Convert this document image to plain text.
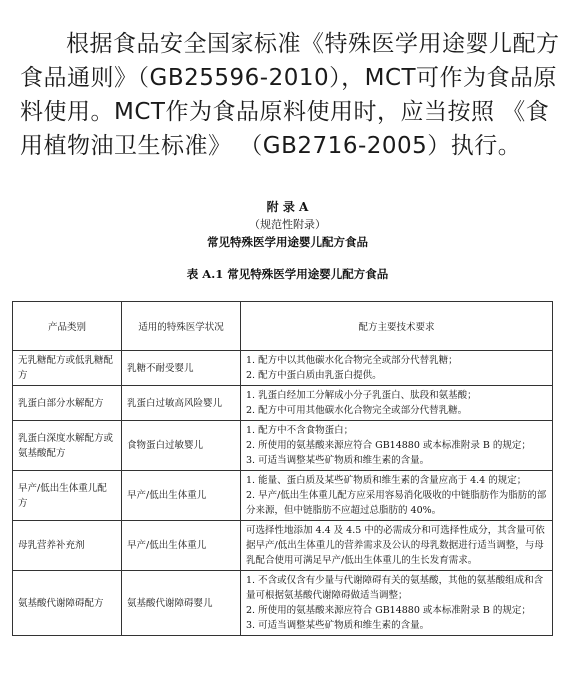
根据食品安全国家标准《特殊医学用途婴儿配方食品通则》（GB25596-2010），MCT可作为食品原料使用。MCT作为食品原料使用时，应当按照 《食用植物油卫生标准》 （GB2716-2005）执行。

附 录 A
（规范性附录）
常见特殊医学用途婴儿配方食品
表 A.1 常见特殊医学用途婴儿配方食品
产品类别	适用的特殊医学状况	配方主要技术要求
无乳糖配方或低乳糖配方	乳糖不耐受婴儿	1. 配方中以其他碳水化合物完全或部分代替乳糖；
2. 配方中蛋白质由乳蛋白提供。

乳蛋白部分水解配方	乳蛋白过敏高风险婴儿	1. 乳蛋白经加工分解成小分子乳蛋白、肽段和氨基酸；
2. 配方中可用其他碳水化合物完全或部分代替乳糖。

乳蛋白深度水解配方或氨基酸配方	食物蛋白过敏婴儿	1. 配方中不含食物蛋白；
2. 所使用的氨基酸来源应符合 GB14880 或本标准附录 B 的规定；
3. 可适当调整某些矿物质和维生素的含量。

早产/低出生体重儿配方	早产/低出生体重儿	1. 能量、蛋白质及某些矿物质和维生素的含量应高于 4.4 的规定；
2. 早产/低出生体重儿配方应采用容易消化吸收的中链脂肪作为脂肪的部分来源，但中链脂肪不应超过总脂肪的 40%。

母乳营养补充剂	早产/低出生体重儿	可选择性地添加 4.4 及 4.5 中的必需成分和可选择性成分，其含量可依据早产/低出生体重儿的营养需求及公认的母乳数据进行适当调整，与母乳配合使用可满足早产/低出生体重儿的生长发育需求。

氨基酸代谢障碍配方	氨基酸代谢障碍婴儿	1. 不含或仅含有少量与代谢障碍有关的氨基酸，其他的氨基酸组成和含量可根据氨基酸代谢障碍做适当调整；
2. 所使用的氨基酸来源应符合 GB14880 或本标准附录 B 的规定；
3. 可适当调整某些矿物质和维生素的含量。
